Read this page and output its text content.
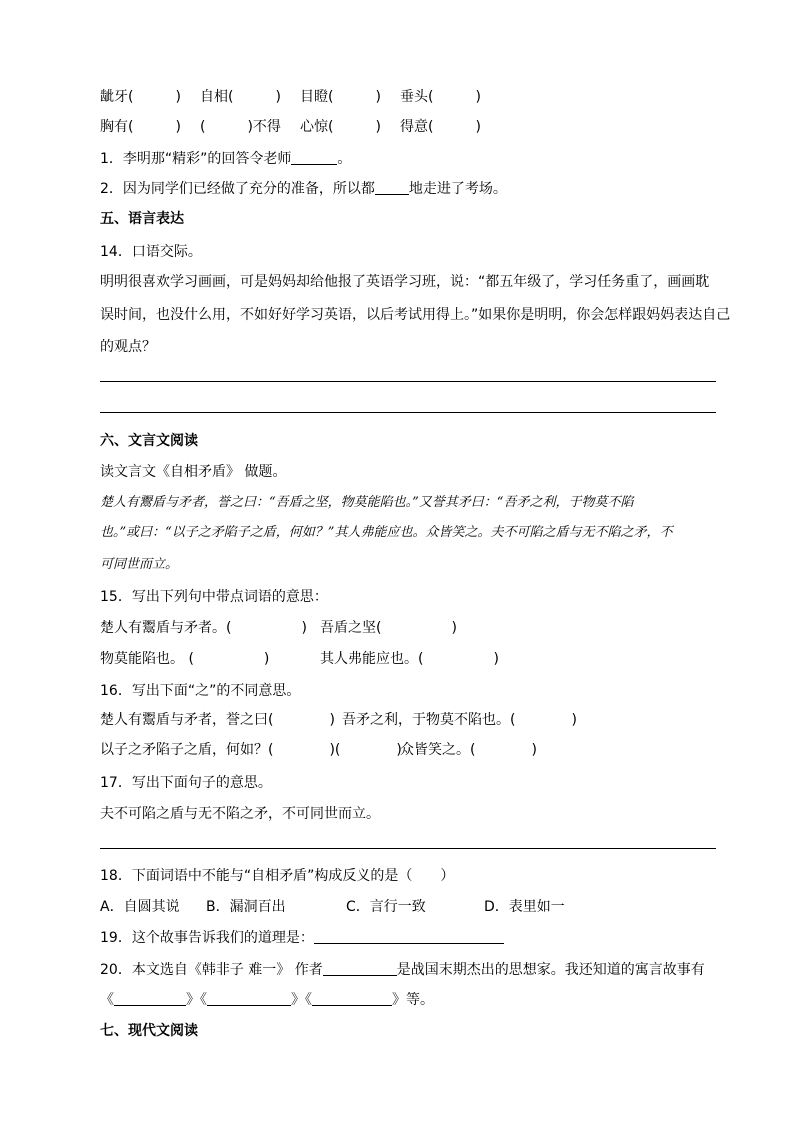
龇牙(　　　) 自相(　　　) 目瞪(　　　) 垂头(　　　)
胸有(　　　) (　　　)不得 心惊(　　　) 得意(　　　)
1．李明那“精彩”的回答令老师	。
2．因为同学们已经做了充分的准备，所以都 地走进了考场。
五、语言表达
14．口语交际。
明明很喜欢学习画画，可是妈妈却给他报了英语学习班，说：“都五年级了，学习任务重了，画画耽
误时间，也没什么用，不如好好学习英语，以后考试用得上。”如果你是明明，你会怎样跟妈妈表达自己
的观点？
六、文言文阅读
读文言文《自相矛盾》 做题。
楚人有鬻盾与矛者，誉之曰：“吾盾之坚，物莫能陷也。”又誉其矛曰：“吾矛之利，于物莫不陷
也。”或曰：“以子之矛陷子之盾，何如？”其人弗能应也。众皆笑之。夫不可陷之盾与无不陷之矛，不
可同世而立。
15．写出下列句中带点词语的意思：
楚人有鬻盾与矛者。(　　　　　) 吾盾之坚(　　　　　)
物莫能陷也。 (　　　　　)	其人弗能应也。(　　　　　)
16．写出下面“之”的不同意思。
楚人有鬻盾与矛者，誉之曰(　　　　) 吾矛之利，于物莫不陷也。(　　　　)
以子之矛陷子之盾，何如？(　　　　)(　　　　)众皆笑之。(　　　　)
17．写出下面句子的意思。
夫不可陷之盾与无不陷之矛，不可同世而立。
18．下面词语中不能与“自相矛盾”构成反义的是（　　）
A．自圆其说 B．漏洞百出	C．言行一致	D．表里如一
19．这个故事告诉我们的道理是：
20．本文选自《韩非子 难一》 作者	是战国末期杰出的思想家。我还知道的寓言故事有
《	》《	》《	》等。
七、现代文阅读
